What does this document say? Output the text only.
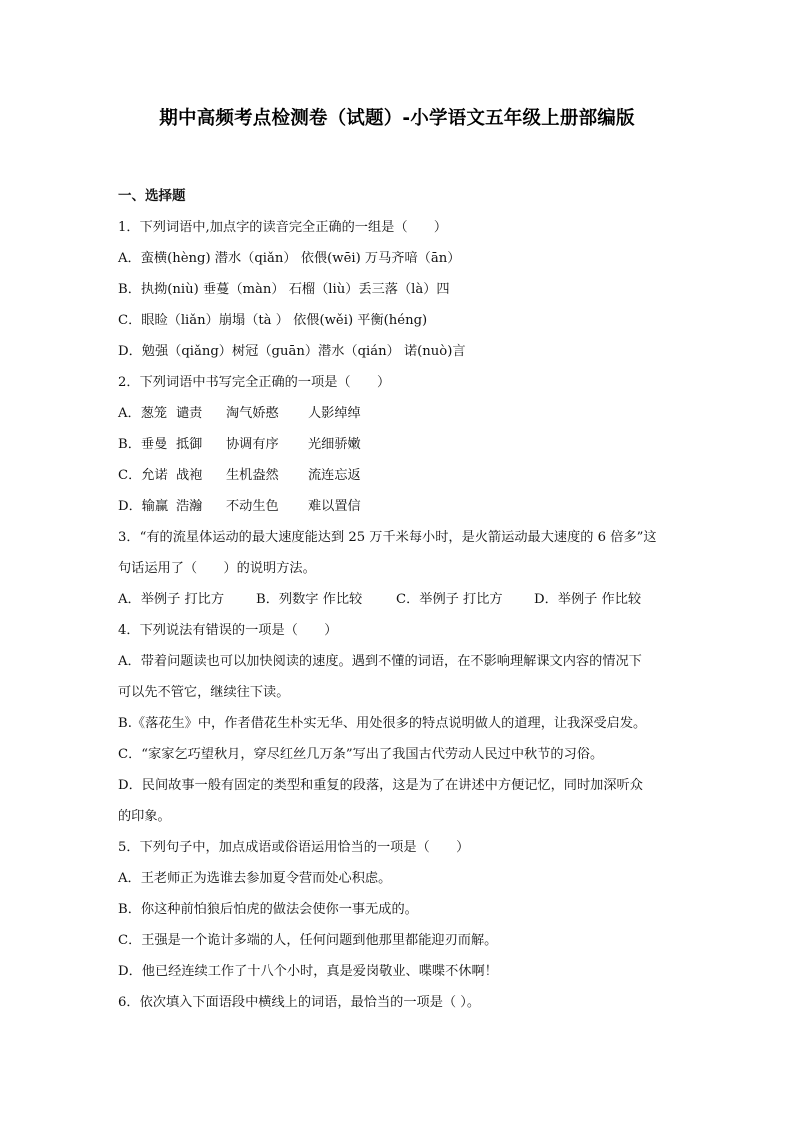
期中高频考点检测卷（试题）-小学语文五年级上册部编版
一、选择题
1．下列词语中,加点字的读音完全正确的一组是（　　）
A．蛮横(hèng) 潜水（qiǎn） 依偎(wēi) 万马齐喑（ān）
B．执拗(niù) 垂蔓（màn） 石榴（liù）丢三落（là）四
C．眼睑（liǎn）崩塌（tà ） 依偎(wěi) 平衡(héng)
D．勉强（qiǎng）树冠（guān）潜水（qián） 诺(nuò)言
2．下列词语中书写完全正确的一项是（　　）
A．葱笼 谴责 淘气娇憨 人影绰绰
B．垂曼 抵御 协调有序 光细骄嫩
C．允诺 战袍 生机盎然 流连忘返
D．输赢 浩瀚 不动生色 难以置信
3．“有的流星体运动的最大速度能达到 25 万千米每小时，是火箭运动最大速度的 6 倍多”这
句话运用了（　　）的说明方法。
A．举例子 打比方 B．列数字 作比较	C．举例子 打比方 D．举例子 作比较
4．下列说法有错误的一项是（　　）
A．带着问题读也可以加快阅读的速度。遇到不懂的词语，在不影响理解课文内容的情况下
可以先不管它，继续往下读。
B.《落花生》中，作者借花生朴实无华、用处很多的特点说明做人的道理，让我深受启发。
C．“家家乞巧望秋月，穿尽红丝几万条”写出了我国古代劳动人民过中秋节的习俗。
D．民间故事一般有固定的类型和重复的段落，这是为了在讲述中方便记忆，同时加深听众
的印象。
5．下列句子中，加点成语或俗语运用恰当的一项是（　　）
A．王老师正为选谁去参加夏令营而处心积虑。
B．你这种前怕狼后怕虎的做法会使你一事无成的。
C．王强是一个诡计多端的人，任何问题到他那里都能迎刃而解。
D．他已经连续工作了十八个小时，真是爱岗敬业、喋喋不休啊！
6．依次填入下面语段中横线上的词语，最恰当的一项是（ ）。
